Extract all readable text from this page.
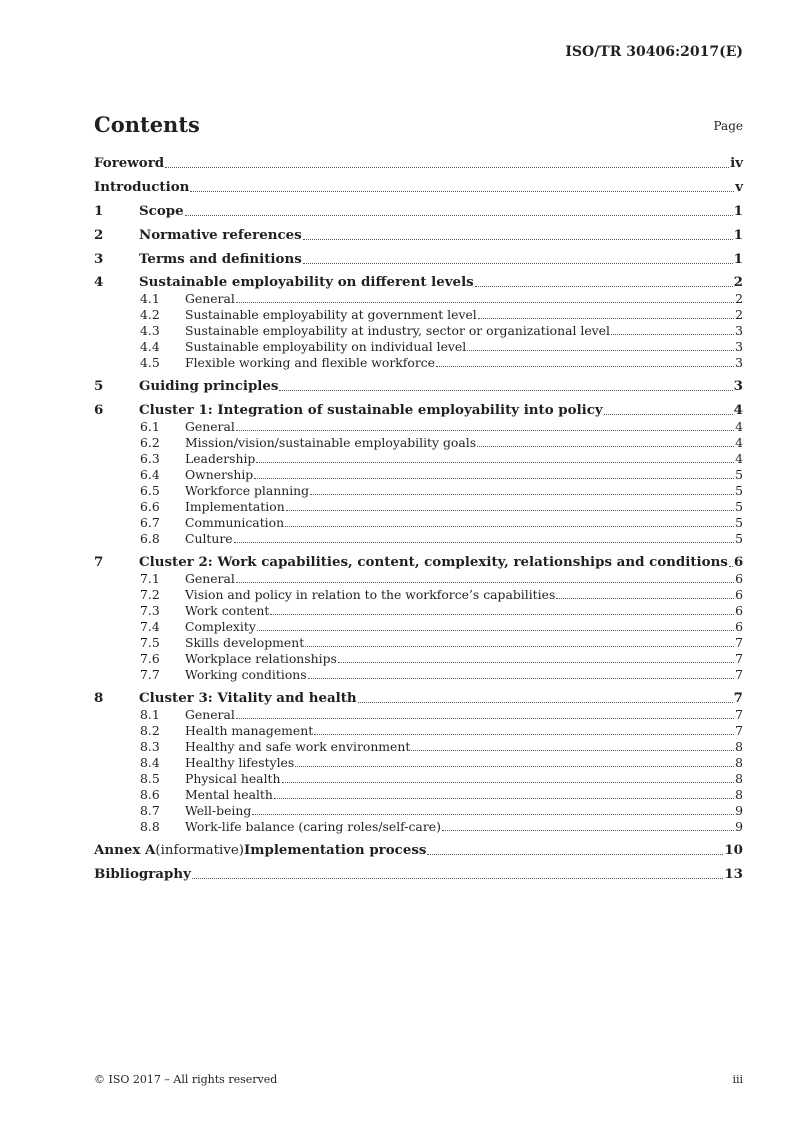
ISO/TR 30406:2017(E)
Contents	Page
Foreword	iv
Introduction	v
1	Scope	1
2	Normative references	1
3	Terms and definitions	1
4	Sustainable employability on different levels	2
4.1	General	2
4.2	Sustainable employability at government level	2
4.3	Sustainable employability at industry, sector or organizational level	3
4.4	Sustainable employability on individual level	3
4.5	Flexible working and flexible workforce	3
5	Guiding principles	3
6	Cluster 1: Integration of sustainable employability into policy	4
6.1	General	4
6.2	Mission/vision/sustainable employability goals	4
6.3	Leadership	4
6.4	Ownership	5
6.5	Workforce planning	5
6.6	Implementation	5
6.7	Communication	5
6.8	Culture	5
7	Cluster 2: Work capabilities, content, complexity, relationships and conditions 6
7.1	General	6
7.2	Vision and policy in relation to the workforce’s capabilities	6
7.3	Work content	6
7.4	Complexity	6
7.5	Skills development	7
7.6	Workplace relationships	7
7.7	Working conditions	7
8	Cluster 3: Vitality and health	7
8.1	General	7
8.2	Health management	7
8.3	Healthy and safe work environment	8
8.4	Healthy lifestyles	8
8.5	Physical health	8
8.6	Mental health	8
8.7	Well-being	9
8.8	Work-life balance (caring roles/self-care)	9
Annex A (informative) Implementation process	10
Bibliography	13
© ISO 2017 – All rights reserved	iii
